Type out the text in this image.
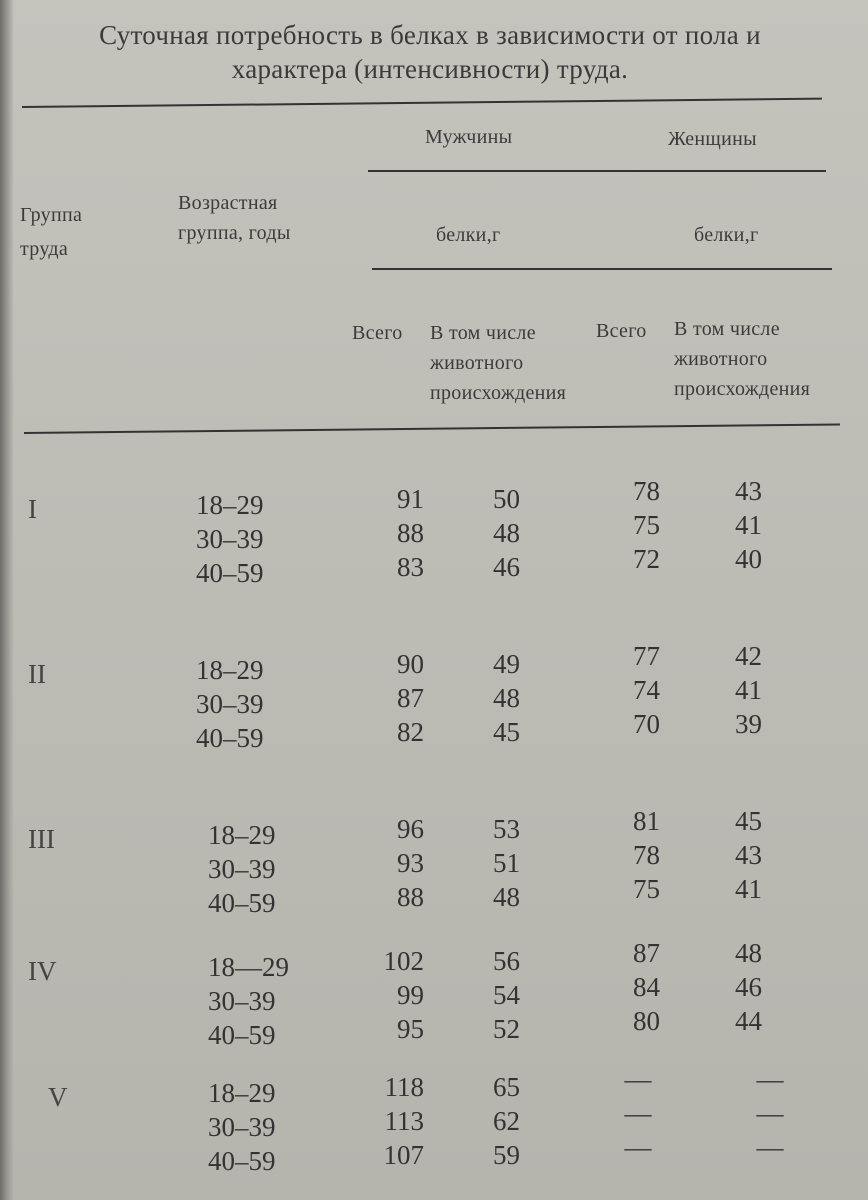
Суточная потребность в белках в зависимости от пола и
характера (интенсивности) труда.
Группа труда
Возрастная группа, годы
Мужчины	Женщины
белки,г	белки,г
Всего В том числе животного происхождения
Всего В том числе животного происхождения
I	18–29	91	50	78	43
30–39	88	48	75	41
40–59	83	46	72	40
II	18–29	90	49	77	42
30–39	87	48	74	41
40–59	82	45	70	39
III	18–29	96	53	81	45
30–39	93	51	78	43
40–59	88	48	75	41
IV	18—29	102	56	87	48
30–39	99	54	84	46
40–59	95	52	80	44
V	18–29	118	65	—	—
30–39	113	62	—	—
40–59	107	59	—	—
